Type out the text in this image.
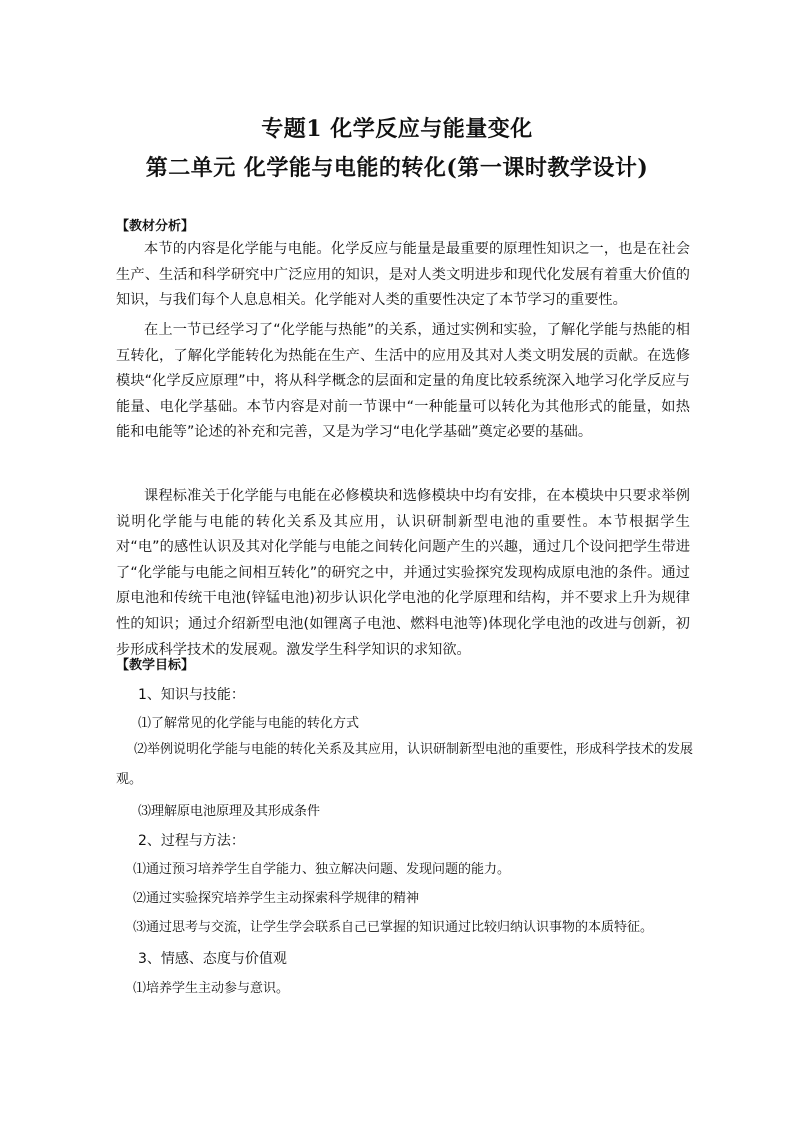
专题1 化学反应与能量变化
第二单元 化学能与电能的转化(第一课时教学设计)
【教材分析】
本节的内容是化学能与电能。化学反应与能量是最重要的原理性知识之一，也是在社会生产、生活和科学研究中广泛应用的知识，是对人类文明进步和现代化发展有着重大价值的知识，与我们每个人息息相关。化学能对人类的重要性决定了本节学习的重要性。
在上一节已经学习了“化学能与热能”的关系，通过实例和实验，了解化学能与热能的相互转化，了解化学能转化为热能在生产、生活中的应用及其对人类文明发展的贡献。在选修模块“化学反应原理”中，将从科学概念的层面和定量的角度比较系统深入地学习化学反应与能量、电化学基础。本节内容是对前一节课中“一种能量可以转化为其他形式的能量，如热能和电能等”论述的补充和完善，又是为学习“电化学基础”奠定必要的基础。
课程标准关于化学能与电能在必修模块和选修模块中均有安排，在本模块中只要求举例说明化学能与电能的转化关系及其应用，认识研制新型电池的重要性。本节根据学生对“电”的感性认识及其对化学能与电能之间转化问题产生的兴趣，通过几个设问把学生带进了“化学能与电能之间相互转化”的研究之中，并通过实验探究发现构成原电池的条件。通过原电池和传统干电池(锌锰电池)初步认识化学电池的化学原理和结构，并不要求上升为规律性的知识；通过介绍新型电池(如锂离子电池、燃料电池等)体现化学电池的改进与创新，初步形成科学技术的发展观。激发学生科学知识的求知欲。
【教学目标】
1、知识与技能：
⑴了解常见的化学能与电能的转化方式
⑵举例说明化学能与电能的转化关系及其应用，认识研制新型电池的重要性，形成科学技术的发展观。
⑶理解原电池原理及其形成条件
2、过程与方法：
⑴通过预习培养学生自学能力、独立解决问题、发现问题的能力。
⑵通过实验探究培养学生主动探索科学规律的精神
⑶通过思考与交流，让学生学会联系自己已掌握的知识通过比较归纳认识事物的本质特征。
3、情感、态度与价值观
⑴培养学生主动参与意识。
